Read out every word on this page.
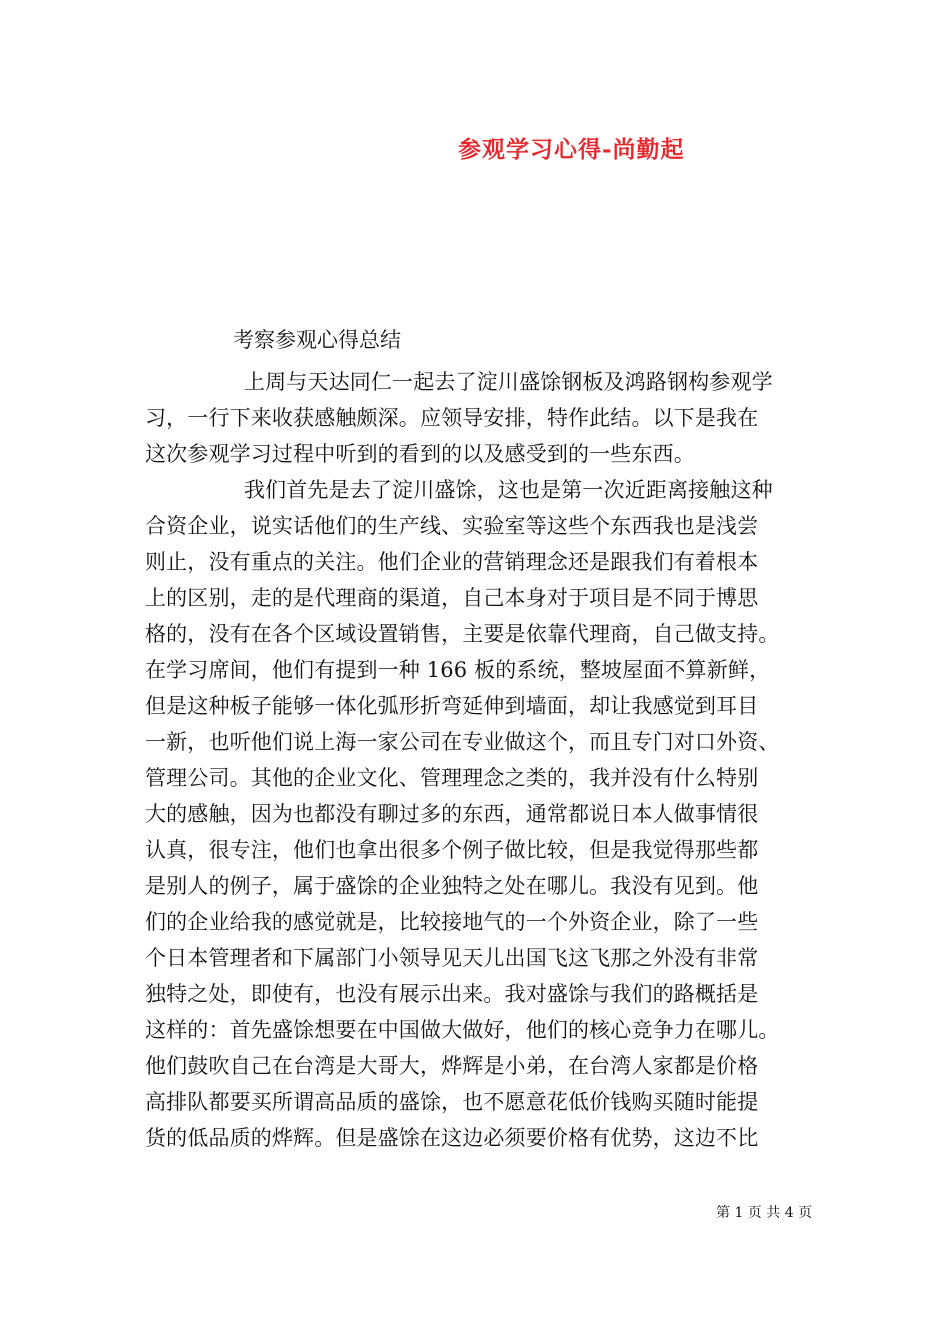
参观学习心得-尚勤起
考察参观心得总结
上周与天达同仁一起去了淀川盛馀钢板及鸿路钢构参观学
习，一行下来收获感触颇深。应领导安排，特作此结。以下是我在
这次参观学习过程中听到的看到的以及感受到的一些东西。
我们首先是去了淀川盛馀，这也是第一次近距离接触这种
合资企业，说实话他们的生产线、实验室等这些个东西我也是浅尝
则止，没有重点的关注。他们企业的营销理念还是跟我们有着根本
上的区别，走的是代理商的渠道，自己本身对于项目是不同于博思
格的，没有在各个区域设置销售，主要是依靠代理商，自己做支持。
在学习席间，他们有提到一种 166 板的系统，整坡屋面不算新鲜，
但是这种板子能够一体化弧形折弯延伸到墙面，却让我感觉到耳目
一新，也听他们说上海一家公司在专业做这个，而且专门对口外资、
管理公司。其他的企业文化、管理理念之类的，我并没有什么特别
大的感触，因为也都没有聊过多的东西，通常都说日本人做事情很
认真，很专注，他们也拿出很多个例子做比较，但是我觉得那些都
是别人的例子，属于盛馀的企业独特之处在哪儿。我没有见到。他
们的企业给我的感觉就是，比较接地气的一个外资企业，除了一些
个日本管理者和下属部门小领导见天儿出国飞这飞那之外没有非常
独特之处，即使有，也没有展示出来。我对盛馀与我们的路概括是
这样的：首先盛馀想要在中国做大做好，他们的核心竞争力在哪儿。
他们鼓吹自己在台湾是大哥大，烨辉是小弟，在台湾人家都是价格
高排队都要买所谓高品质的盛馀，也不愿意花低价钱购买随时能提
货的低品质的烨辉。但是盛馀在这边必须要价格有优势，这边不比
第 1 页 共 4 页
